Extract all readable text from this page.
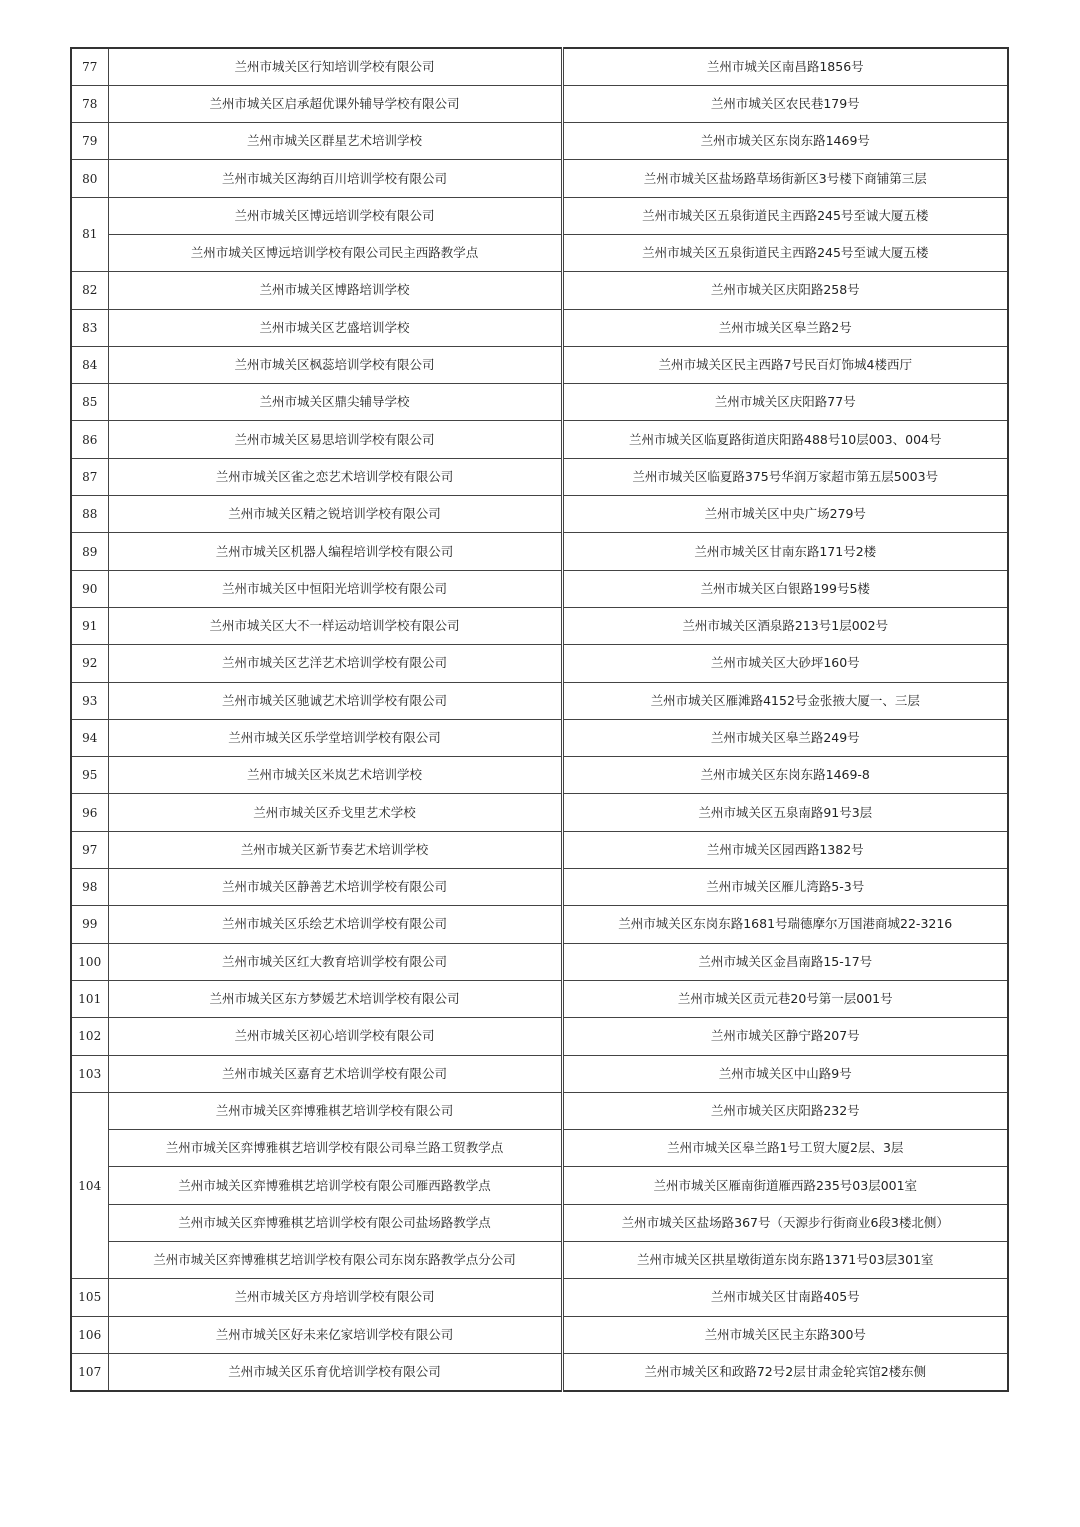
77	兰州市城关区行知培训学校有限公司	兰州市城关区南昌路1856号
78	兰州市城关区启承超优课外辅导学校有限公司	兰州市城关区农民巷179号
79	兰州市城关区群星艺术培训学校	兰州市城关区东岗东路1469号
80	兰州市城关区海纳百川培训学校有限公司	兰州市城关区盐场路草场街新区3号楼下商铺第三层
81	兰州市城关区博远培训学校有限公司	兰州市城关区五泉街道民主西路245号至诚大厦五楼
	兰州市城关区博远培训学校有限公司民主西路教学点	兰州市城关区五泉街道民主西路245号至诚大厦五楼
82	兰州市城关区博路培训学校	兰州市城关区庆阳路258号
83	兰州市城关区艺盛培训学校	兰州市城关区皋兰路2号
84	兰州市城关区枫蕊培训学校有限公司	兰州市城关区民主西路7号民百灯饰城4楼西厅
85	兰州市城关区鼎尖辅导学校	兰州市城关区庆阳路77号
86	兰州市城关区易思培训学校有限公司	兰州市城关区临夏路街道庆阳路488号10层003、004号
87	兰州市城关区雀之恋艺术培训学校有限公司	兰州市城关区临夏路375号华润万家超市第五层5003号
88	兰州市城关区精之锐培训学校有限公司	兰州市城关区中央广场279号
89	兰州市城关区机器人编程培训学校有限公司	兰州市城关区甘南东路171号2楼
90	兰州市城关区中恒阳光培训学校有限公司	兰州市城关区白银路199号5楼
91	兰州市城关区大不一样运动培训学校有限公司	兰州市城关区酒泉路213号1层002号
92	兰州市城关区艺洋艺术培训学校有限公司	兰州市城关区大砂坪160号
93	兰州市城关区驰诚艺术培训学校有限公司	兰州市城关区雁滩路4152号金张掖大厦一、三层
94	兰州市城关区乐学堂培训学校有限公司	兰州市城关区皋兰路249号
95	兰州市城关区米岚艺术培训学校	兰州市城关区东岗东路1469-8
96	兰州市城关区乔戈里艺术学校	兰州市城关区五泉南路91号3层
97	兰州市城关区新节奏艺术培训学校	兰州市城关区园西路1382号
98	兰州市城关区静善艺术培训学校有限公司	兰州市城关区雁儿湾路5-3号
99	兰州市城关区乐绘艺术培训学校有限公司	兰州市城关区东岗东路1681号瑞德摩尔万国港商城22-3216
100	兰州市城关区红大教育培训学校有限公司	兰州市城关区金昌南路15-17号
101	兰州市城关区东方梦媛艺术培训学校有限公司	兰州市城关区贡元巷20号第一层001号
102	兰州市城关区初心培训学校有限公司	兰州市城关区静宁路207号
103	兰州市城关区嘉育艺术培训学校有限公司	兰州市城关区中山路9号
104	兰州市城关区弈博雅棋艺培训学校有限公司	兰州市城关区庆阳路232号
	兰州市城关区弈博雅棋艺培训学校有限公司皋兰路工贸教学点	兰州市城关区皋兰路1号工贸大厦2层、3层
	兰州市城关区弈博雅棋艺培训学校有限公司雁西路教学点	兰州市城关区雁南街道雁西路235号03层001室
	兰州市城关区弈博雅棋艺培训学校有限公司盐场路教学点	兰州市城关区盐场路367号（天源步行街商业6段3楼北侧）
	兰州市城关区弈博雅棋艺培训学校有限公司东岗东路教学点分公司	兰州市城关区拱星墩街道东岗东路1371号03层301室
105	兰州市城关区方舟培训学校有限公司	兰州市城关区甘南路405号
106	兰州市城关区好未来亿家培训学校有限公司	兰州市城关区民主东路300号
107	兰州市城关区乐育优培训学校有限公司	兰州市城关区和政路72号2层甘肃金轮宾馆2楼东侧
